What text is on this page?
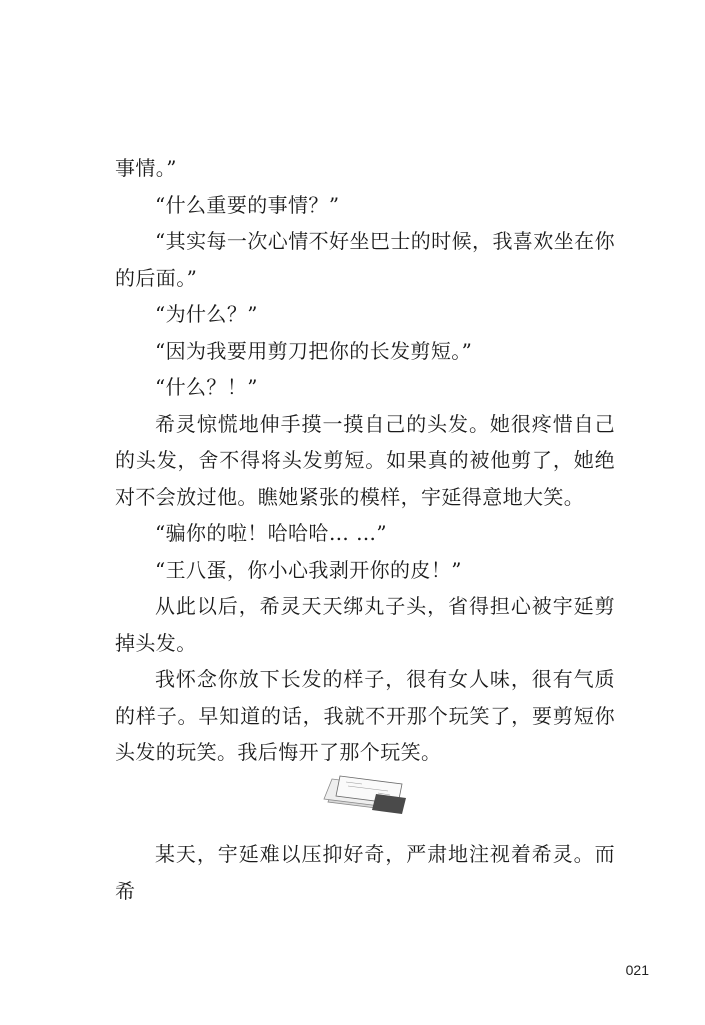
事情。”

“什么重要的事情？”

“其实每一次心情不好坐巴士的时候，我喜欢坐在你的后面。”

“为什么？”

“因为我要用剪刀把你的长发剪短。”

“什么？！”

希灵惊慌地伸手摸一摸自己的头发。她很疼惜自己的头发，舍不得将头发剪短。如果真的被他剪了，她绝对不会放过他。瞧她紧张的模样，宇延得意地大笑。

“骗你的啦！哈哈哈… …”

“王八蛋，你小心我剥开你的皮！”

从此以后，希灵天天绑丸子头，省得担心被宇延剪掉头发。

我怀念你放下长发的样子，很有女人味，很有气质的样子。早知道的话，我就不开那个玩笑了，要剪短你头发的玩笑。我后悔开了那个玩笑。

某天，宇延难以压抑好奇，严肃地注视着希灵。而希

021
